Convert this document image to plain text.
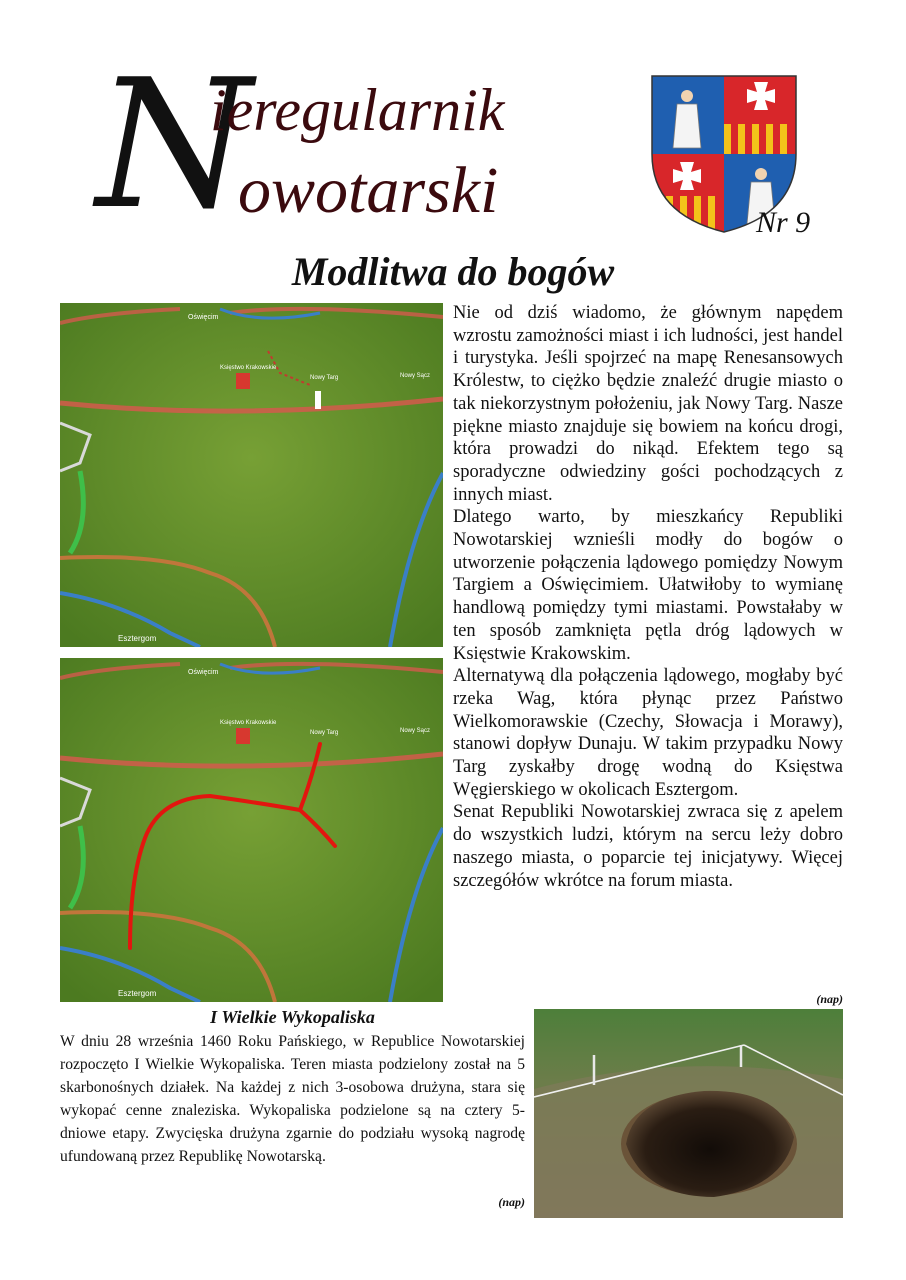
N
ieregularnik
owotarski	Nr 9
Modlitwa do bogów
Oświęcim
Księstwo Krakowskie
Nowy Targ	Nowy Sącz
Esztergom
Oświęcim
Księstwo Krakowskie
Nowy Targ	Nowy Sącz
Esztergom

Nie od dziś wiadomo, że głównym napędem wzrostu zamożności miast i ich ludności, jest handel i turystyka. Jeśli spojrzeć na mapę Renesansowych Królestw, to ciężko będzie znaleźć drugie miasto o tak niekorzystnym położeniu, jak Nowy Targ. Nasze piękne miasto znajduje się bowiem na końcu drogi, która prowadzi do nikąd. Efektem tego są sporadyczne odwiedziny gości pochodzących z innych miast.

Dlatego warto, by mieszkańcy Republiki Nowotarskiej wznieśli modły do bogów o utworzenie połączenia lądowego pomiędzy Nowym Targiem a Oświęcimiem. Ułatwiłoby to wymianę handlową pomiędzy tymi miastami. Powstałaby w ten sposób zamknięta pętla dróg lądowych w Księstwie Krakowskim.

Alternatywą dla połączenia lądowego, mogłaby być rzeka Wag, która płynąc przez Państwo Wielkomorawskie (Czechy, Słowacja i Morawy), stanowi dopływ Dunaju. W takim przypadku Nowy Targ zyskałby drogę wodną do Księstwa Węgierskiego w okolicach Esztergom.

Senat Republiki Nowotarskiej zwraca się z apelem do wszystkich ludzi, którym na sercu leży dobro naszego miasta, o poparcie tej inicjatywy. Więcej szczegółów wkrótce na forum miasta.

(nap)
I Wielkie Wykopaliska

W dniu 28 września 1460 Roku Pańskiego, w Republice Nowotarskiej rozpoczęto I Wielkie Wykopaliska. Teren miasta podzielony został na 5 skarbonośnych działek. Na każdej z nich 3-osobowa drużyna, stara się wykopać cenne znaleziska. Wykopaliska podzielone są na cztery 5-dniowe etapy. Zwycięska drużyna zgarnie do podziału wysoką nagrodę ufundowaną przez Republikę Nowotarską.

(nap)
